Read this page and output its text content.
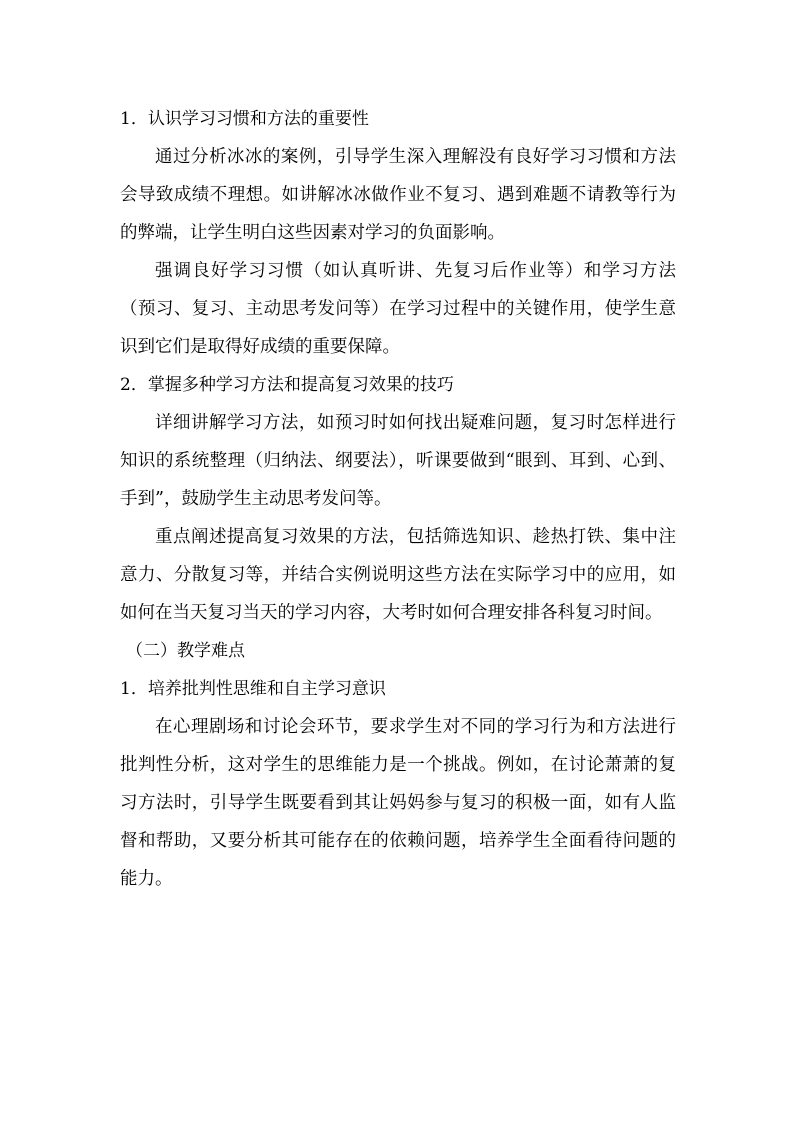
1．认识学习习惯和方法的重要性

通过分析冰冰的案例，引导学生深入理解没有良好学习习惯和方法会导致成绩不理想。如讲解冰冰做作业不复习、遇到难题不请教等行为的弊端，让学生明白这些因素对学习的负面影响。

强调良好学习习惯（如认真听讲、先复习后作业等）和学习方法（预习、复习、主动思考发问等）在学习过程中的关键作用，使学生意识到它们是取得好成绩的重要保障。

2．掌握多种学习方法和提高复习效果的技巧

详细讲解学习方法，如预习时如何找出疑难问题，复习时怎样进行知识的系统整理（归纳法、纲要法），听课要做到“眼到、耳到、心到、手到”，鼓励学生主动思考发问等。

重点阐述提高复习效果的方法，包括筛选知识、趁热打铁、集中注意力、分散复习等，并结合实例说明这些方法在实际学习中的应用，如如何在当天复习当天的学习内容，大考时如何合理安排各科复习时间。

（二）教学难点

1．培养批判性思维和自主学习意识

在心理剧场和讨论会环节，要求学生对不同的学习行为和方法进行批判性分析，这对学生的思维能力是一个挑战。例如，在讨论萧萧的复习方法时，引导学生既要看到其让妈妈参与复习的积极一面，如有人监督和帮助，又要分析其可能存在的依赖问题，培养学生全面看待问题的能力。
